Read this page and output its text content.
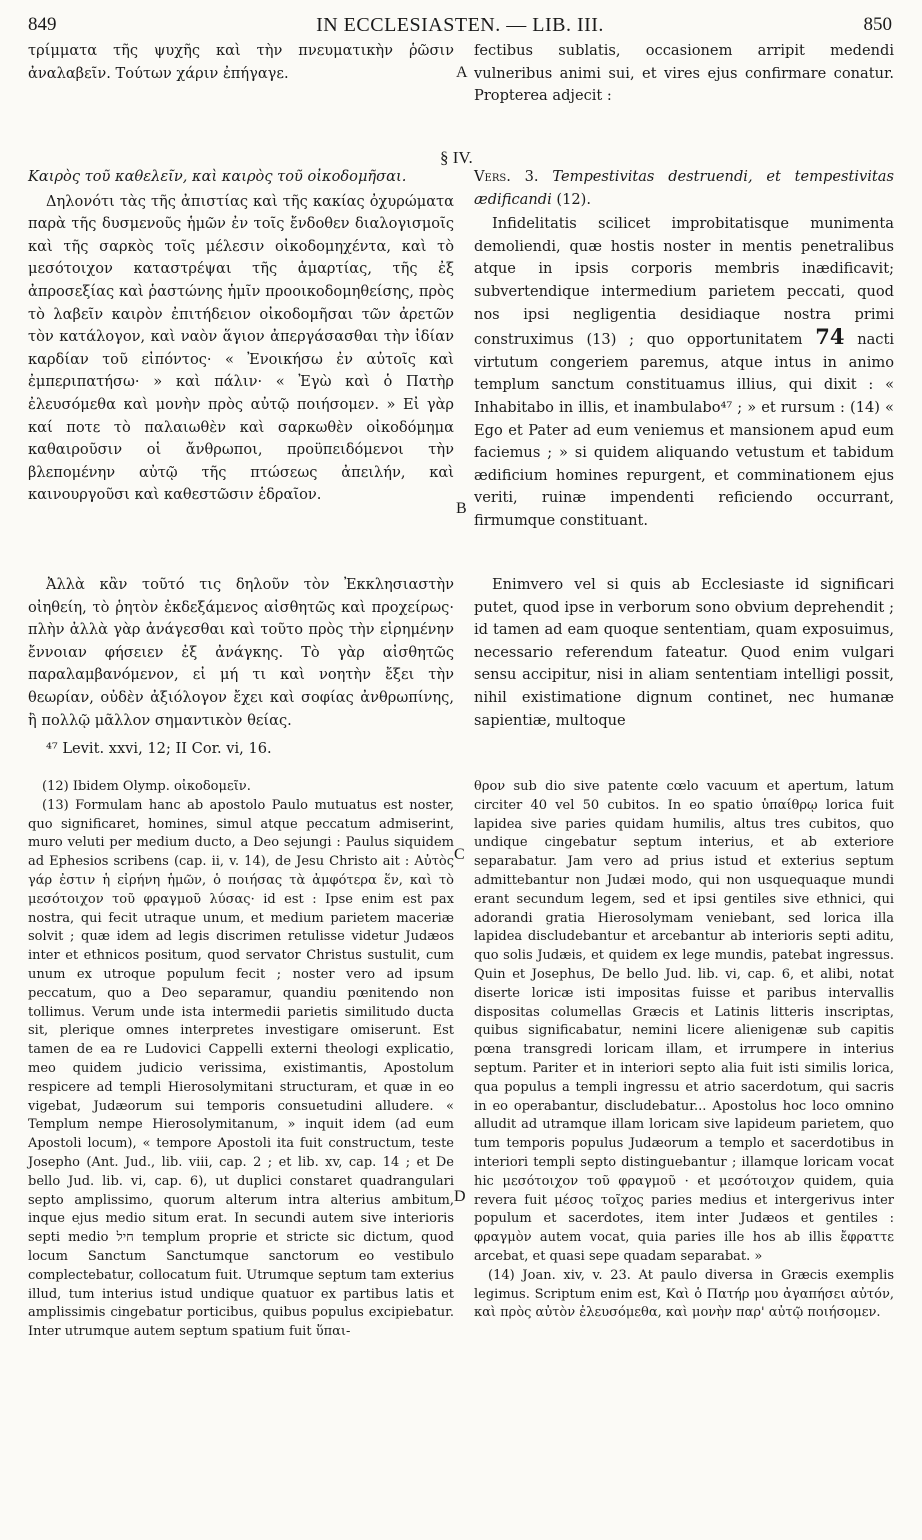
849	IN ECCLESIASTEN. — LIB. III.	850
A
B
C
D
§ IV.

τρίμματα τῆς ψυχῆς καὶ τὴν πνευματικὴν ῥῶσιν ἀναλαβεῖν. Τούτων χάριν ἐπήγαγε.

Καιρὸς τοῦ καθελεῖν, καὶ καιρὸς τοῦ οἰκοδομῆσαι.

Δηλονότι τὰς τῆς ἀπιστίας καὶ τῆς κακίας ὀχυρώματα παρὰ τῆς δυσμενοῦς ἡμῶν ἐν τοῖς ἔνδοθεν διαλογισμοῖς καὶ τῆς σαρκὸς τοῖς μέλεσιν οἰκοδομηχέντα, καὶ τὸ μεσότοιχον καταστρέψαι τῆς ἁμαρτίας, τῆς ἐξ ἀπροσεξίας καὶ ῥαστώνης ἡμῖν προοικοδομηθείσης, πρὸς τὸ λαβεῖν καιρὸν ἐπιτήδειον οἰκοδομῆσαι τῶν ἀρετῶν τὸν κατάλογον, καὶ ναὸν ἅγιον ἀπεργάσασθαι τὴν ἰδίαν καρδίαν τοῦ εἰπόντος· « Ἐνοικήσω ἐν αὐτοῖς καὶ ἐμπεριπατήσω· » καὶ πάλιν· « Ἐγὼ καὶ ὁ Πατὴρ ἐλευσόμεθα καὶ μονὴν πρὸς αὐτῷ ποιήσομεν. » Εἰ γὰρ καί ποτε τὸ παλαιωθὲν καὶ σαρκωθὲν οἰκοδόμημα καθαιροῦσιν οἱ ἄνθρωποι, προϋπειδόμενοι τὴν βλεπομένην αὐτῷ τῆς πτώσεως ἀπειλήν, καὶ καινουργοῦσι καὶ καθεστῶσιν ἑδραῖον.

Ἀλλὰ κἂν τοῦτό τις δηλοῦν τὸν Ἐκκλησιαστὴν οἰηθείη, τὸ ῥητὸν ἐκδεξάμενος αἰσθητῶς καὶ προχείρως· πλὴν ἀλλὰ γὰρ ἀνάγεσθαι καὶ τοῦτο πρὸς τὴν εἰρημένην ἔννοιαν φήσειεν ἐξ ἀνάγκης. Τὸ γὰρ αἰσθητῶς παραλαμβανόμενον, εἰ μή τι καὶ νοητὴν ἔξει τὴν θεωρίαν, οὐδὲν ἀξιόλογον ἔχει καὶ σοφίας ἀνθρωπίνης, ἢ πολλῷ μᾶλλον σημαντικὸν θείας.

⁴⁷ Levit. xxvi, 12; II Cor. vi, 16.

fectibus sublatis, occasionem arripit medendi vulneribus animi sui, et vires ejus confirmare conatur. Propterea adjecit :

Vers. 3. Tempestivitas destruendi, et tempestivitas ædificandi (12).

Infidelitatis scilicet improbitatisque munimenta demoliendi, quæ hostis noster in mentis penetralibus atque in ipsis corporis membris inædificavit; subvertendique intermedium parietem peccati, quod nos ipsi negligentia desidiaque nostra primi construximus (13) ; quo opportunitatem 74 nacti virtutum congeriem paremus, atque intus in animo templum sanctum constituamus illius, qui dixit : « Inhabitabo in illis, et inambulabo⁴⁷ ; » et rursum : (14) « Ego et Pater ad eum veniemus et mansionem apud eum faciemus ; » si quidem aliquando vetustum et tabidum ædificium homines repurgent, et comminationem ejus veriti, ruinæ impendenti reficiendo occurrant, firmumque constituant.

Enimvero vel si quis ab Ecclesiaste id significari putet, quod ipse in verborum sono obvium deprehendit ; id tamen ad eam quoque sententiam, quam exposuimus, necessario referendum fateatur. Quod enim vulgari sensu accipitur, nisi in aliam sententiam intelligi possit, nihil existimatione dignum continet, nec humanæ sapientiæ, multoque

(12) Ibidem Olymp. οἰκοδομεῖν.

(13) Formulam hanc ab apostolo Paulo mutuatus est noster, quo significaret, homines, simul atque peccatum admiserint, muro veluti per medium ducto, a Deo sejungi : Paulus siquidem ad Ephesios scribens (cap. ii, v. 14), de Jesu Christo ait : Αὐτὸς γάρ ἐστιν ἡ εἰρήνη ἡμῶν, ὁ ποιήσας τὰ ἀμφότερα ἕν, καὶ τὸ μεσότοιχον τοῦ φραγμοῦ λύσας· id est : Ipse enim est pax nostra, qui fecit utraque unum, et medium parietem maceriæ solvit ; quæ idem ad legis discrimen retulisse videtur Judæos inter et ethnicos positum, quod servator Christus sustulit, cum unum ex utroque populum fecit ; noster vero ad ipsum peccatum, quo a Deo separamur, quandiu pœnitendo non tollimus. Verum unde ista intermedii parietis similitudo ducta sit, plerique omnes interpretes investigare omiserunt. Est tamen de ea re Ludovici Cappelli externi theologi explicatio, meo quidem judicio verissima, existimantis, Apostolum respicere ad templi Hierosolymitani structuram, et quæ in eo vigebat, Judæorum sui temporis consuetudini alludere. « Templum nempe Hierosolymitanum, » inquit idem (ad eum Apostoli locum), « tempore Apostoli ita fuit constructum, teste Josepho (Ant. Jud., lib. viii, cap. 2 ; et lib. xv, cap. 14 ; et De bello Jud. lib. vi, cap. 6), ut duplici constaret quadrangulari septo amplissimo, quorum alterum intra alterius ambitum, inque ejus medio situm erat. In secundi autem sive interioris septi medio חיל templum proprie et stricte sic dictum, quod locum Sanctum Sanctumque sanctorum eo vestibulo complectebatur, collocatum fuit. Utrumque septum tam exterius illud, tum interius istud undique quatuor ex partibus latis et amplissimis cingebatur porticibus, quibus populus excipiebatur. Inter utrumque autem septum spatium fuit ὕπαι-

θρον sub dio sive patente cœlo vacuum et apertum, latum circiter 40 vel 50 cubitos. In eo spatio ὑπαίθρῳ lorica fuit lapidea sive paries quidam humilis, altus tres cubitos, quo undique cingebatur septum interius, et ab exteriore separabatur. Jam vero ad prius istud et exterius septum admittebantur non Judæi modo, qui non usquequaque mundi erant secundum legem, sed et ipsi gentiles sive ethnici, qui adorandi gratia Hierosolymam veniebant, sed lorica illa lapidea discludebantur et arcebantur ab interioris septi aditu, quo solis Judæis, et quidem ex lege mundis, patebat ingressus. Quin et Josephus, De bello Jud. lib. vi, cap. 6, et alibi, notat diserte loricæ isti impositas fuisse et paribus intervallis dispositas columellas Græcis et Latinis litteris inscriptas, quibus significabatur, nemini licere alienigenæ sub capitis pœna transgredi loricam illam, et irrumpere in interius septum. Pariter et in interiori septo alia fuit isti similis lorica, qua populus a templi ingressu et atrio sacerdotum, qui sacris in eo operabantur, discludebatur... Apostolus hoc loco omnino alludit ad utramque illam loricam sive lapideum parietem, quo tum temporis populus Judæorum a templo et sacerdotibus in interiori templi septo distinguebantur ; illamque loricam vocat hic μεσότοιχον τοῦ φραγμοῦ · et μεσότοιχον quidem, quia revera fuit μέσος τοῖχος paries medius et intergerivus inter populum et sacerdotes, item inter Judæos et gentiles : φραγμὸν autem vocat, quia paries ille hos ab illis ἔφραττε arcebat, et quasi sepe quadam separabat. »

(14) Joan. xiv, v. 23. At paulo diversa in Græcis exemplis legimus. Scriptum enim est, Καὶ ὁ Πατήρ μου ἀγαπήσει αὐτόν, καὶ πρὸς αὐτὸν ἐλευσόμεθα, καὶ μονὴν παρ' αὐτῷ ποιήσομεν.
